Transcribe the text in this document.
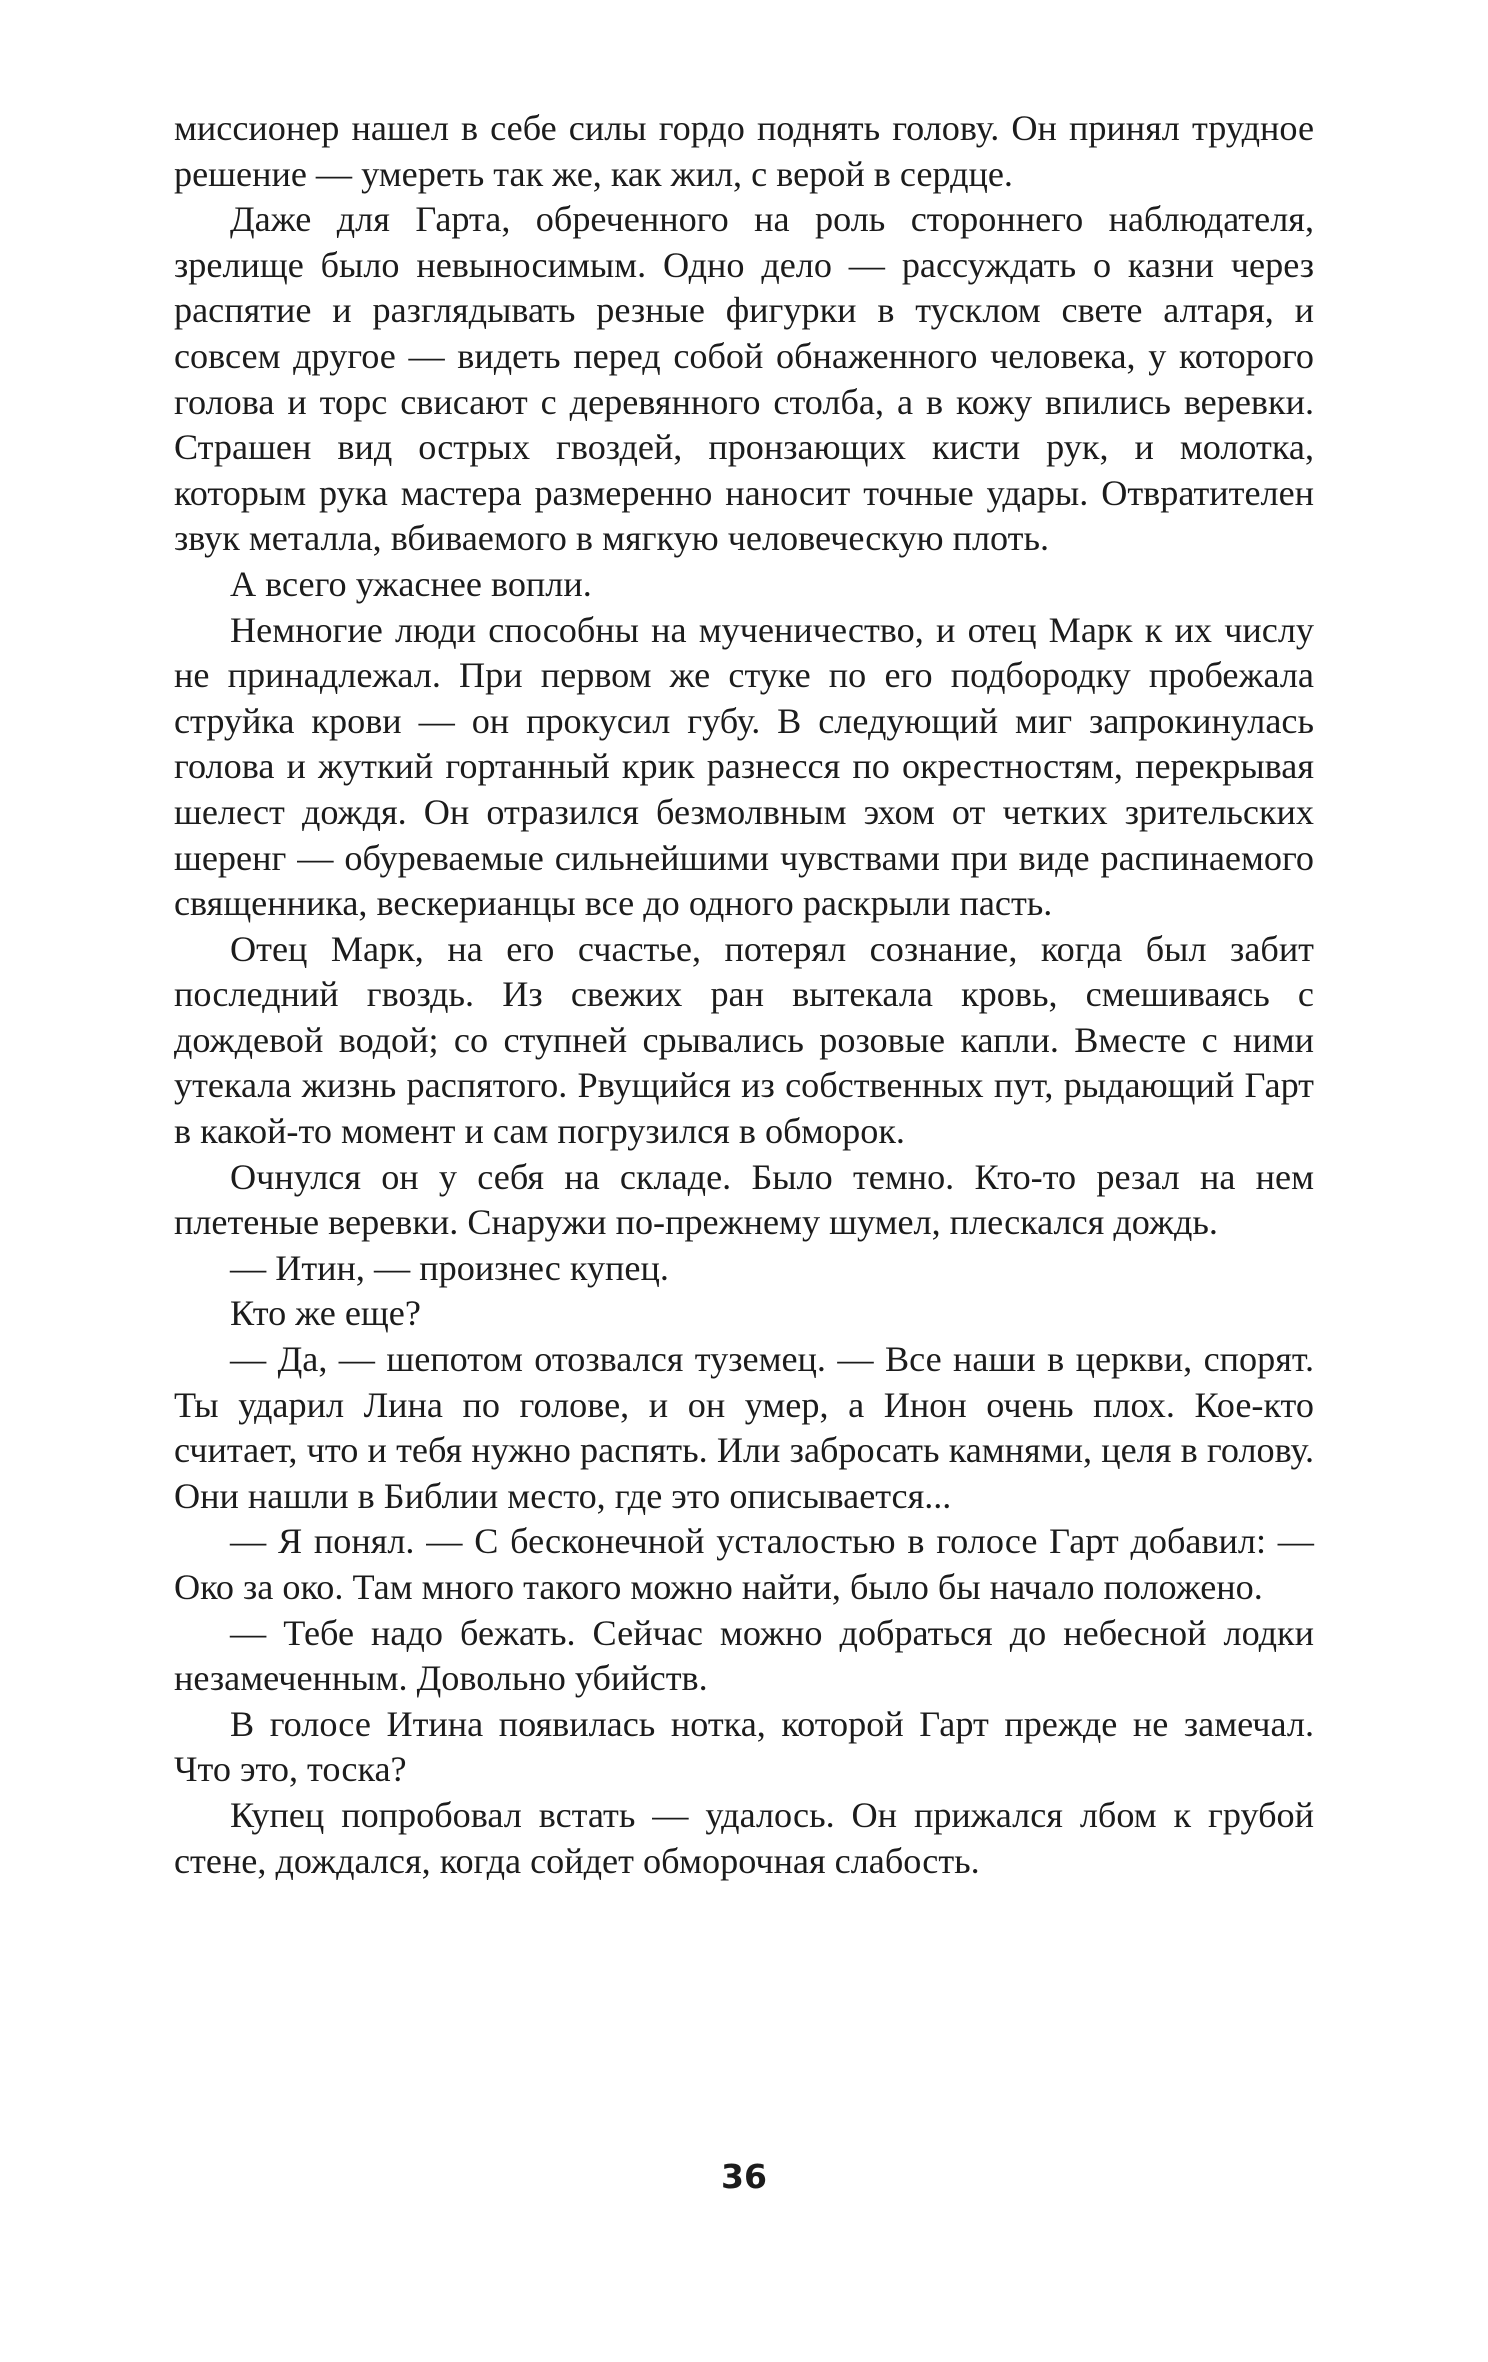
миссионер нашел в себе силы гордо поднять голову. Он принял трудное решение — умереть так же, как жил, с верой в сердце.

Даже для Гарта, обреченного на роль стороннего наблюдателя, зрелище было невыносимым. Одно дело — рассуждать о казни через распятие и разглядывать резные фигурки в тусклом свете алтаря, и совсем другое — видеть перед собой обнаженного человека, у которого голова и торс свисают с деревянного столба, а в кожу впились веревки. Страшен вид острых гвоздей, пронзающих кисти рук, и молотка, которым рука мастера размеренно наносит точные удары. Отвратителен звук металла, вбиваемого в мягкую человеческую плоть.

А всего ужаснее вопли.

Немногие люди способны на мученичество, и отец Марк к их числу не принадлежал. При первом же стуке по его подбородку пробежала струйка крови — он прокусил губу. В следующий миг запрокинулась голова и жуткий гортанный крик разнесся по окрестностям, перекрывая шелест дождя. Он отразился безмолвным эхом от четких зрительских шеренг — обуреваемые сильнейшими чувствами при виде распинаемого священника, вескерианцы все до одного раскрыли пасть.

Отец Марк, на его счастье, потерял сознание, когда был забит последний гвоздь. Из свежих ран вытекала кровь, смешиваясь с дождевой водой; со ступней срывались розовые капли. Вместе с ними утекала жизнь распятого. Рвущийся из собственных пут, рыдающий Гарт в какой-то момент и сам погрузился в обморок.

Очнулся он у себя на складе. Было темно. Кто-то резал на нем плетеные веревки. Снаружи по-прежнему шумел, плескался дождь.

— Итин, — произнес купец.

Кто же еще?

— Да, — шепотом отозвался туземец. — Все наши в церкви, спорят. Ты ударил Лина по голове, и он умер, а Инон очень плох. Кое-кто считает, что и тебя нужно распять. Или забросать камнями, целя в голову. Они нашли в Библии место, где это описывается...

— Я понял. — С бесконечной усталостью в голосе Гарт добавил: — Око за око. Там много такого можно найти, было бы начало положено.

— Тебе надо бежать. Сейчас можно добраться до небесной лодки незамеченным. Довольно убийств.

В голосе Итина появилась нотка, которой Гарт прежде не замечал. Что это, тоска?

Купец попробовал встать — удалось. Он прижался лбом к грубой стене, дождался, когда сойдет обморочная слабость.

36
